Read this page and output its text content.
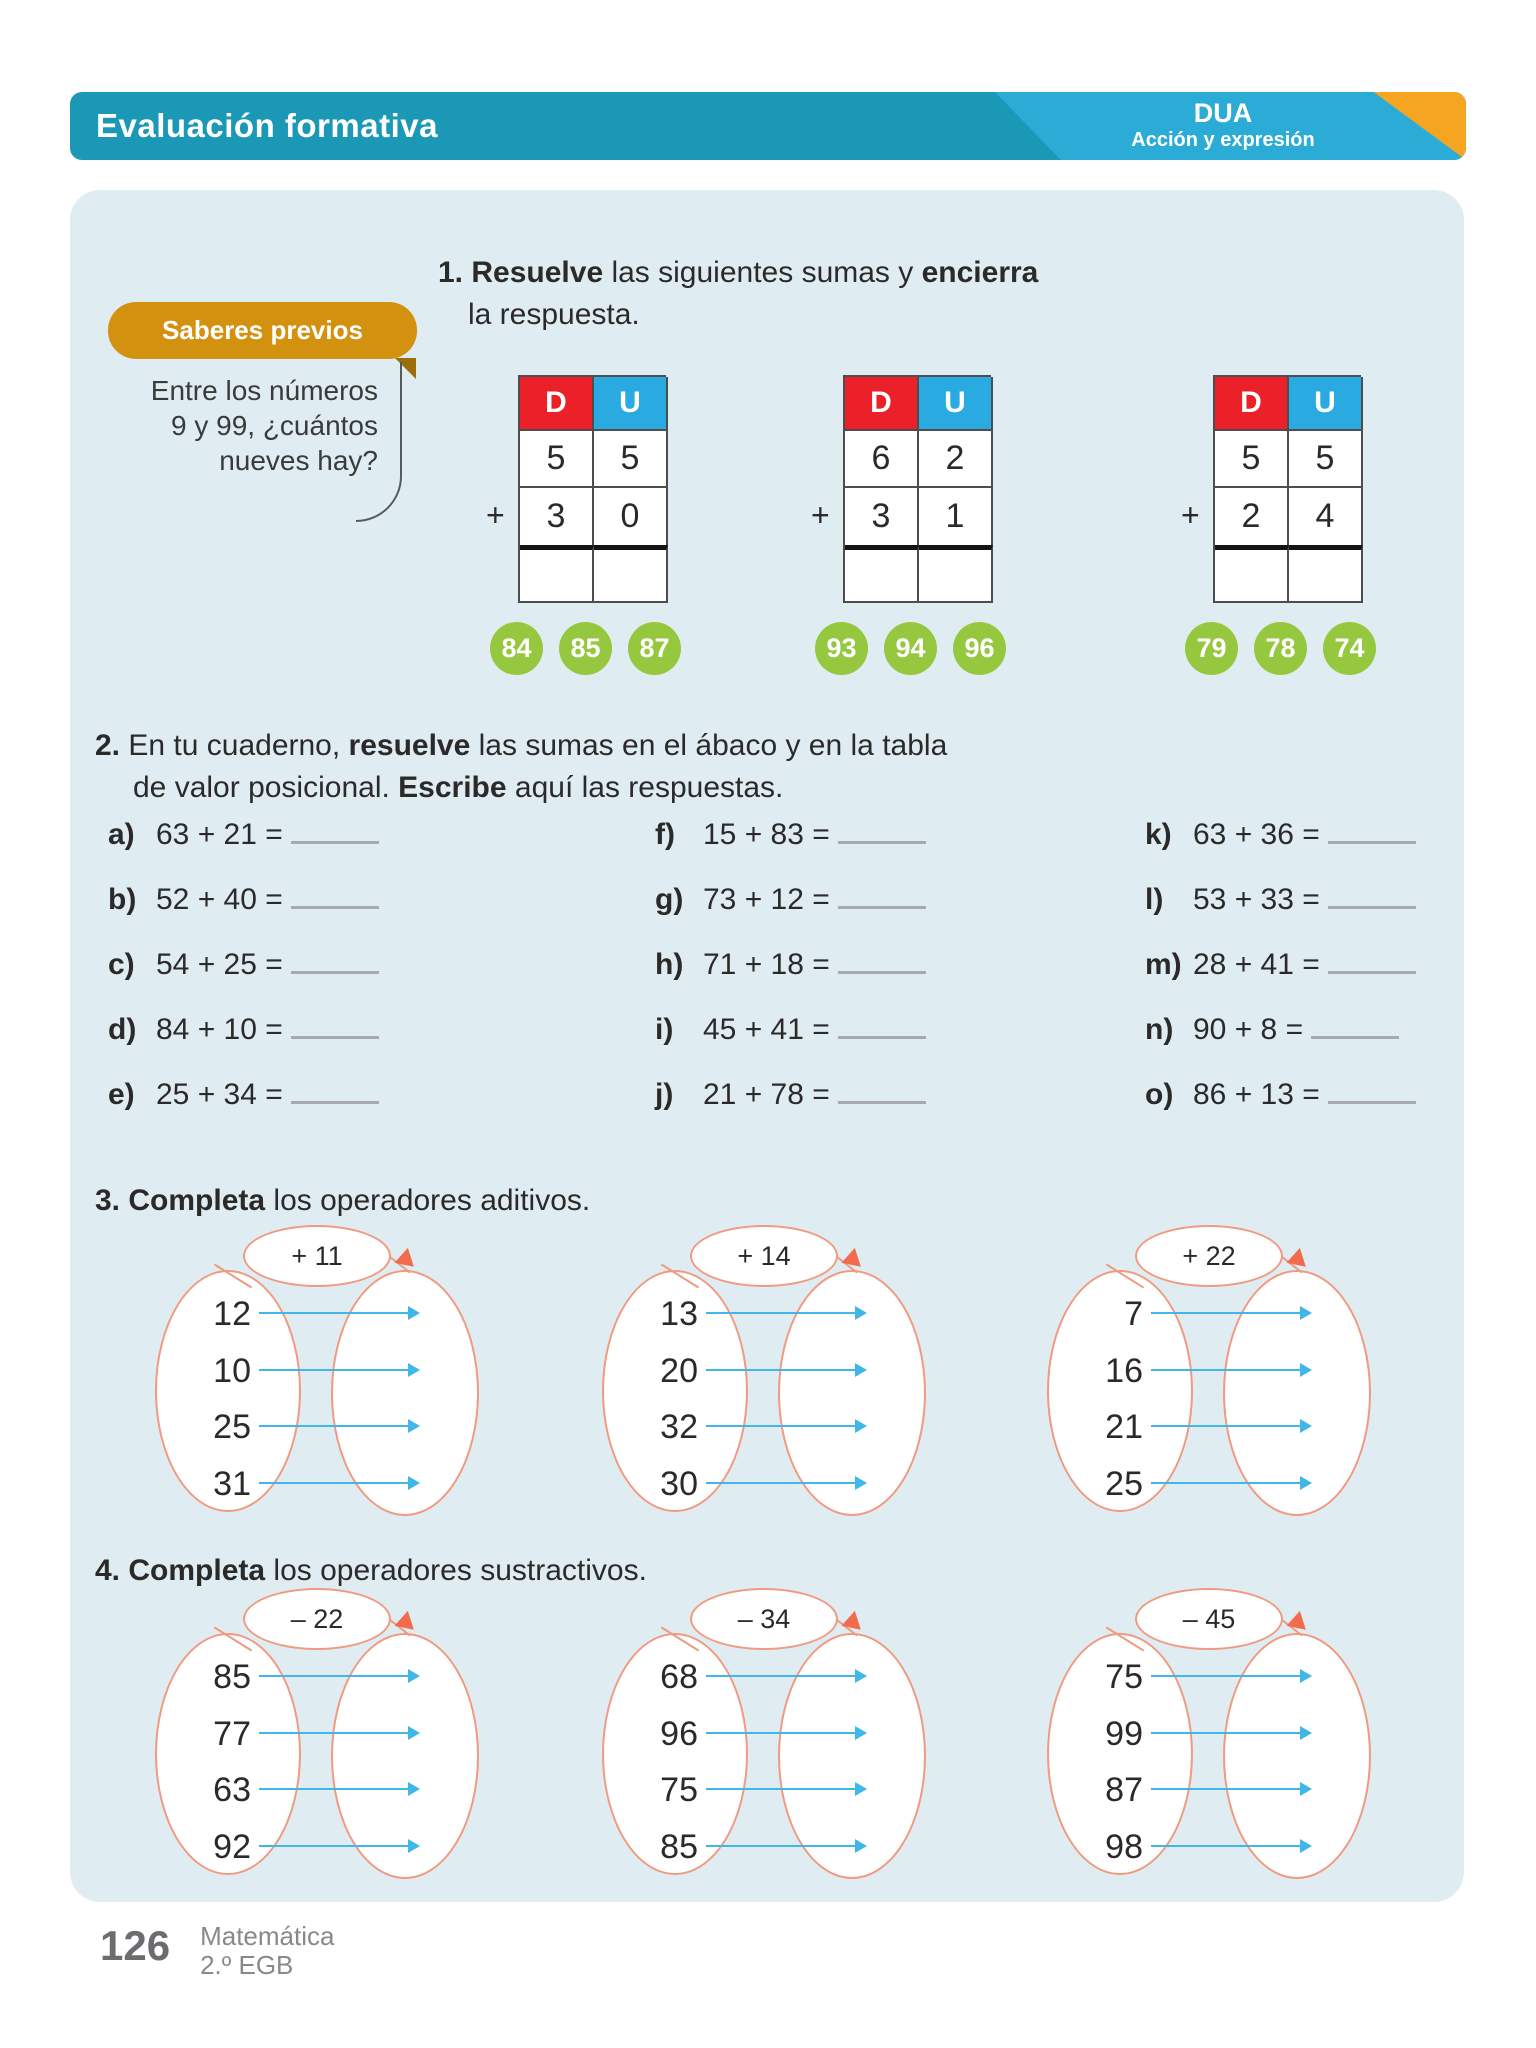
Evaluación formativa	DUA
Acción y expresión
Saberes previos
Entre los números
9 y 99, ¿cuántos
nueves hay?
1. Resuelve las siguientes sumas y encierra
la respuesta.
+
D	U
5	5
3	0
84	85	87
+
D	U
6	2
3	1
93	94	96
+
D	U
5	5
2	4
79	78	74
2. En tu cuaderno, resuelve las sumas en el ábaco y en la tabla
de valor posicional. Escribe aquí las respuestas.
a) 63 + 21 =
b) 52 + 40 =
c) 54 + 25 =
d) 84 + 10 =
e) 25 + 34 =
f) 15 + 83 =
g) 73 + 12 =
h) 71 + 18 =
i) 45 + 41 =
j) 21 + 78 =
k) 63 + 36 =
l) 53 + 33 =
m) 28 + 41 =
n) 90 + 8 =
o) 86 + 13 =
3. Completa los operadores aditivos.
+ 11
12
10
25
31
+ 14
13
20
32
30
+ 22
7
16
21
25
4. Completa los operadores sustractivos.
– 22
85
77
63
92
– 34
68
96
75
85
– 45
75
99
87
98
126 Matemática
2.º EGB
